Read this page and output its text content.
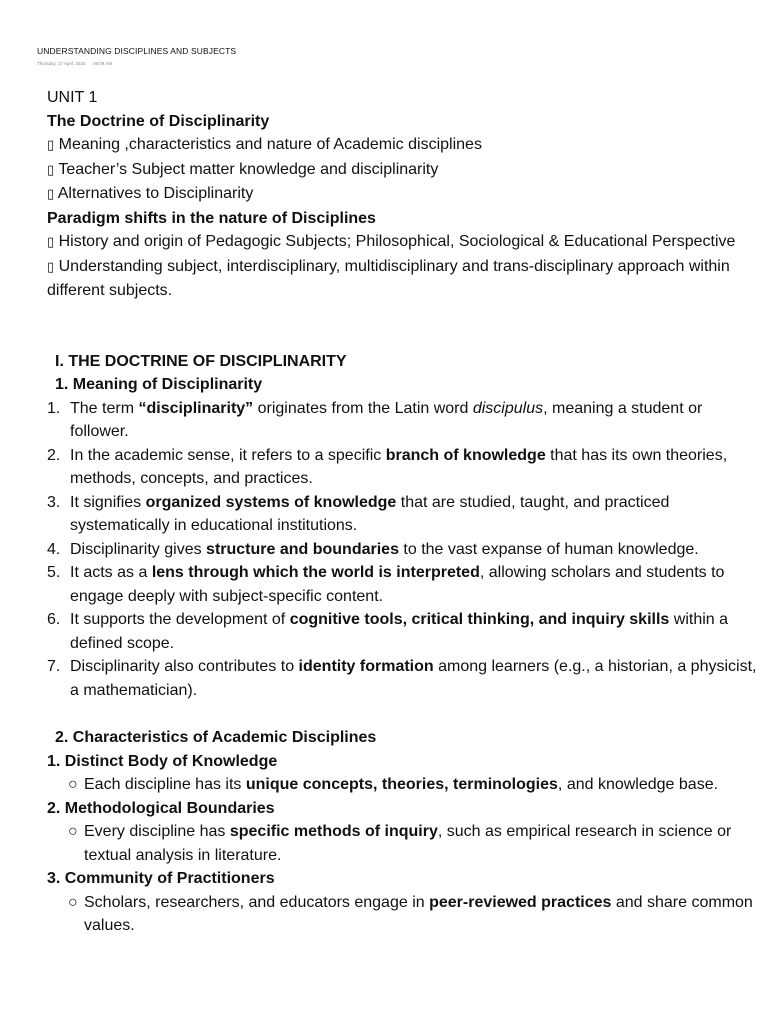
UNDERSTANDING DISCIPLINES AND SUBJECTS
Thursday, 17 April, 2025 09:09 AM

UNIT 1

The Doctrine of Disciplinarity

▯ Meaning ,characteristics and nature of Academic disciplines

▯ Teacher’s Subject matter knowledge and disciplinarity

▯ Alternatives to Disciplinarity

Paradigm shifts in the nature of Disciplines

▯ History and origin of Pedagogic Subjects; Philosophical, Sociological & Educational Perspective

▯ Understanding subject, interdisciplinary, multidisciplinary and trans-disciplinary approach within different subjects.

I. THE DOCTRINE OF DISCIPLINARITY

1. Meaning of Disciplinarity

1. The term “disciplinarity” originates from the Latin word discipulus, meaning a student or follower.
2. In the academic sense, it refers to a specific branch of knowledge that has its own theories, methods, concepts, and practices.
3. It signifies organized systems of knowledge that are studied, taught, and practiced systematically in educational institutions.
4. Disciplinarity gives structure and boundaries to the vast expanse of human knowledge.
5. It acts as a lens through which the world is interpreted, allowing scholars and students to engage deeply with subject-specific content.
6. It supports the development of cognitive tools, critical thinking, and inquiry skills within a defined scope.
7. Disciplinarity also contributes to identity formation among learners (e.g., a historian, a physicist, a mathematician).

2. Characteristics of Academic Disciplines

1. Distinct Body of Knowledge

○ Each discipline has its unique concepts, theories, terminologies, and knowledge base.

2. Methodological Boundaries

○ Every discipline has specific methods of inquiry, such as empirical research in science or textual analysis in literature.

3. Community of Practitioners

○ Scholars, researchers, and educators engage in peer-reviewed practices and share common values.
